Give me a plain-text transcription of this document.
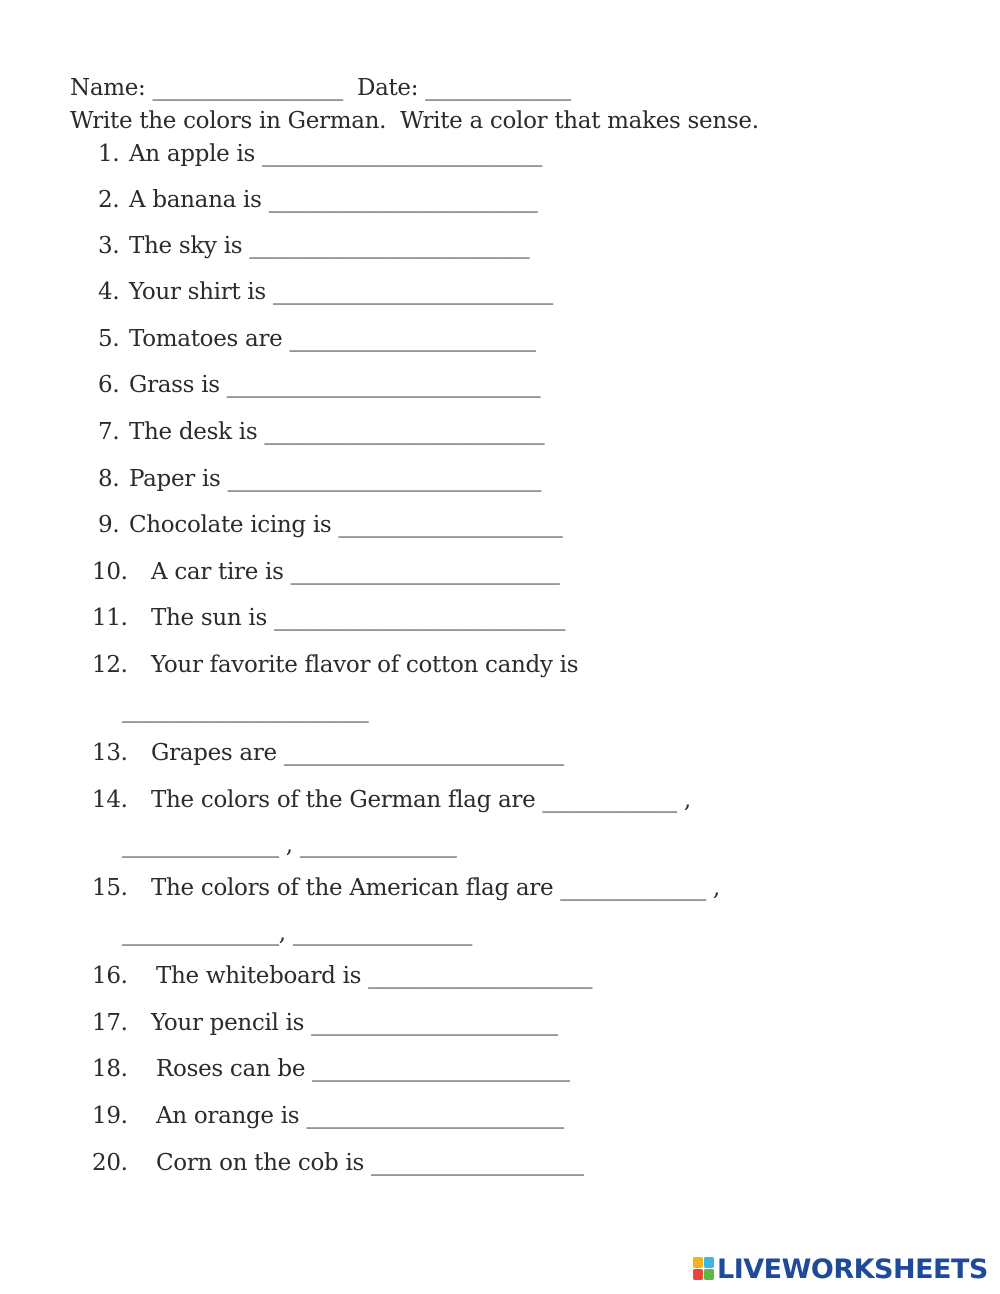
Name: _________________  Date: _____________
Write the colors in German.  Write a color that makes sense.

1.

An apple is _________________________

2.

A banana is ________________________

3.

The sky is _________________________

4.

Your shirt is _________________________

5.

Tomatoes are ______________________

6.

Grass is ____________________________

7.

The desk is _________________________

8.

Paper is ____________________________

9.

Chocolate icing is ____________________

10.

A car tire is ________________________

11.

The sun is __________________________

12.

Your favorite flavor of cotton candy is

______________________

13.

Grapes are _________________________

14.

The colors of the German flag are ____________ ,

______________ , ______________

15.

The colors of the American flag are _____________ ,

______________, ________________

16.

The whiteboard is ____________________

17.

Your pencil is ______________________

18.

Roses can be _______________________

19.

An orange is _______________________

20.

Corn on the cob is ___________________

LIVEWORKSHEETS
